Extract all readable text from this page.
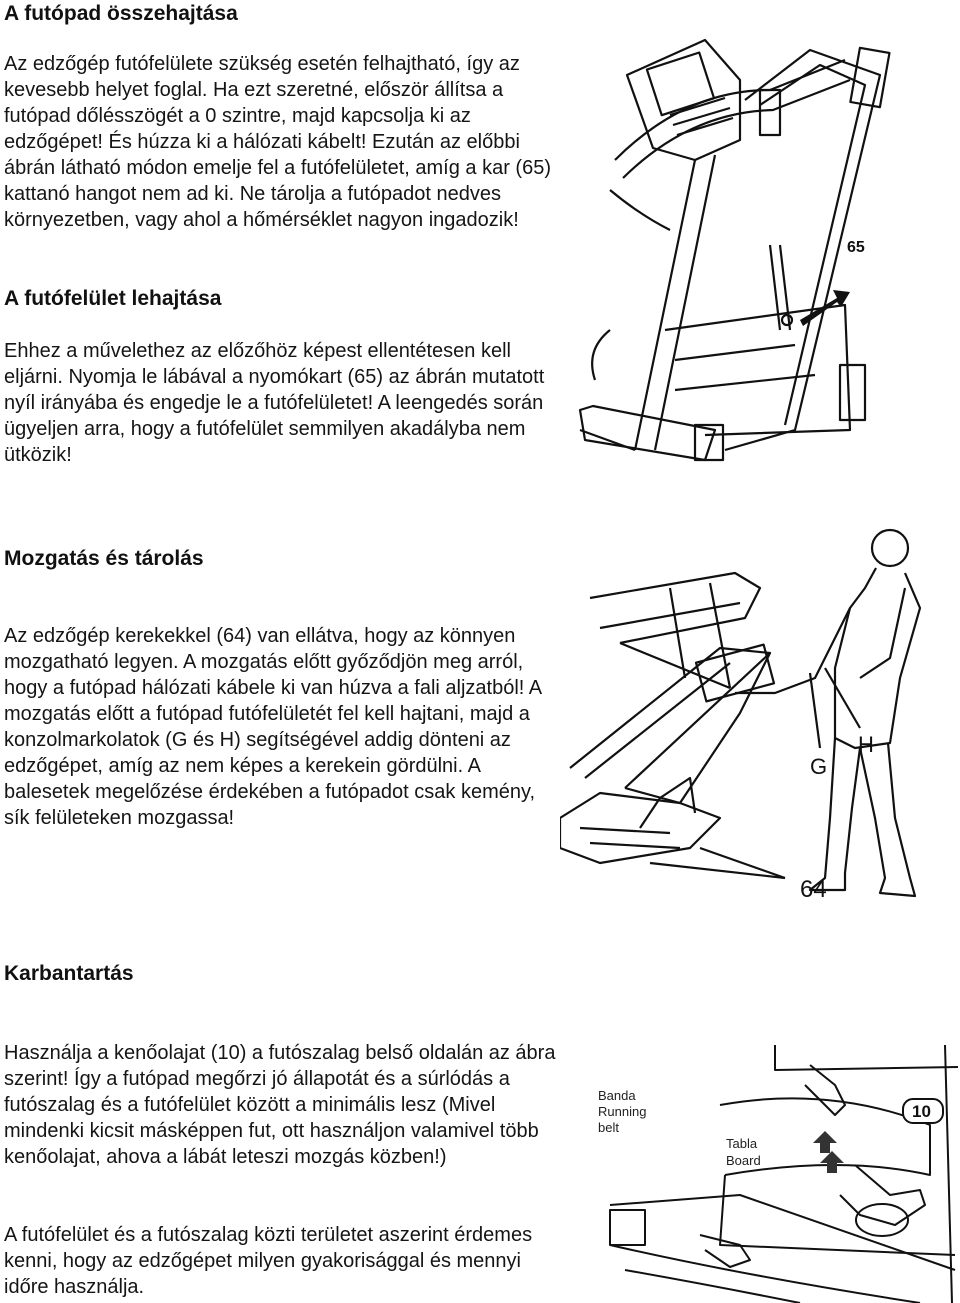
A futópad összehajtása

Az edzőgép futófelülete szükség esetén felhajtható, így az kevesebb helyet foglal. Ha ezt szeretné, először állítsa a futópad dőlésszögét a 0 szintre, majd kapcsolja ki az edzőgépet! És húzza ki a hálózati kábelt! Ezután az előbbi ábrán látható módon emelje fel a futófelületet, amíg a kar (65) kattanó hangot nem ad ki. Ne tárolja a futópadot nedves környezetben, vagy ahol a hőmérséklet nagyon ingadozik!

A futófelület lehajtása

Ehhez a művelethez az előzőhöz képest ellentétesen kell eljárni. Nyomja le lábával a nyomókart (65) az ábrán mutatott nyíl irányába és engedje le a futófelületet! A leengedés során ügyeljen arra, hogy a futófelület semmilyen akadályba nem ütközik!

65
Mozgatás és tárolás

Az edzőgép kerekekkel (64) van ellátva, hogy az könnyen mozgatható legyen. A mozgatás előtt győződjön meg arról, hogy a futópad hálózati kábele ki van húzva a fali aljzatból! A mozgatás előtt a futópad futófelületét fel kell hajtani, majd a konzolmarkolatok (G és H) segítségével addig dönteni az edzőgépet, amíg az nem képes a kerekein gördülni. A balesetek megelőzése érdekében a futópadot csak kemény, sík felületeken mozgassa!

G
H
64
Karbantartás

Használja a kenőolajat (10) a futószalag belső oldalán az ábra szerint! Így a futópad megőrzi jó állapotát és a súrlódás a futószalag és a futófelület között a minimális lesz (Mivel mindenki kicsit másképpen fut, ott használjon valamivel több kenőolajat, ahova a lábát leteszi mozgás közben!)

A futófelület és a futószalag közti területet aszerint érdemes kenni, hogy az edzőgépet milyen gyakorisággal és mennyi időre használja.

Banda
Running
belt
Tabla
Board
10
